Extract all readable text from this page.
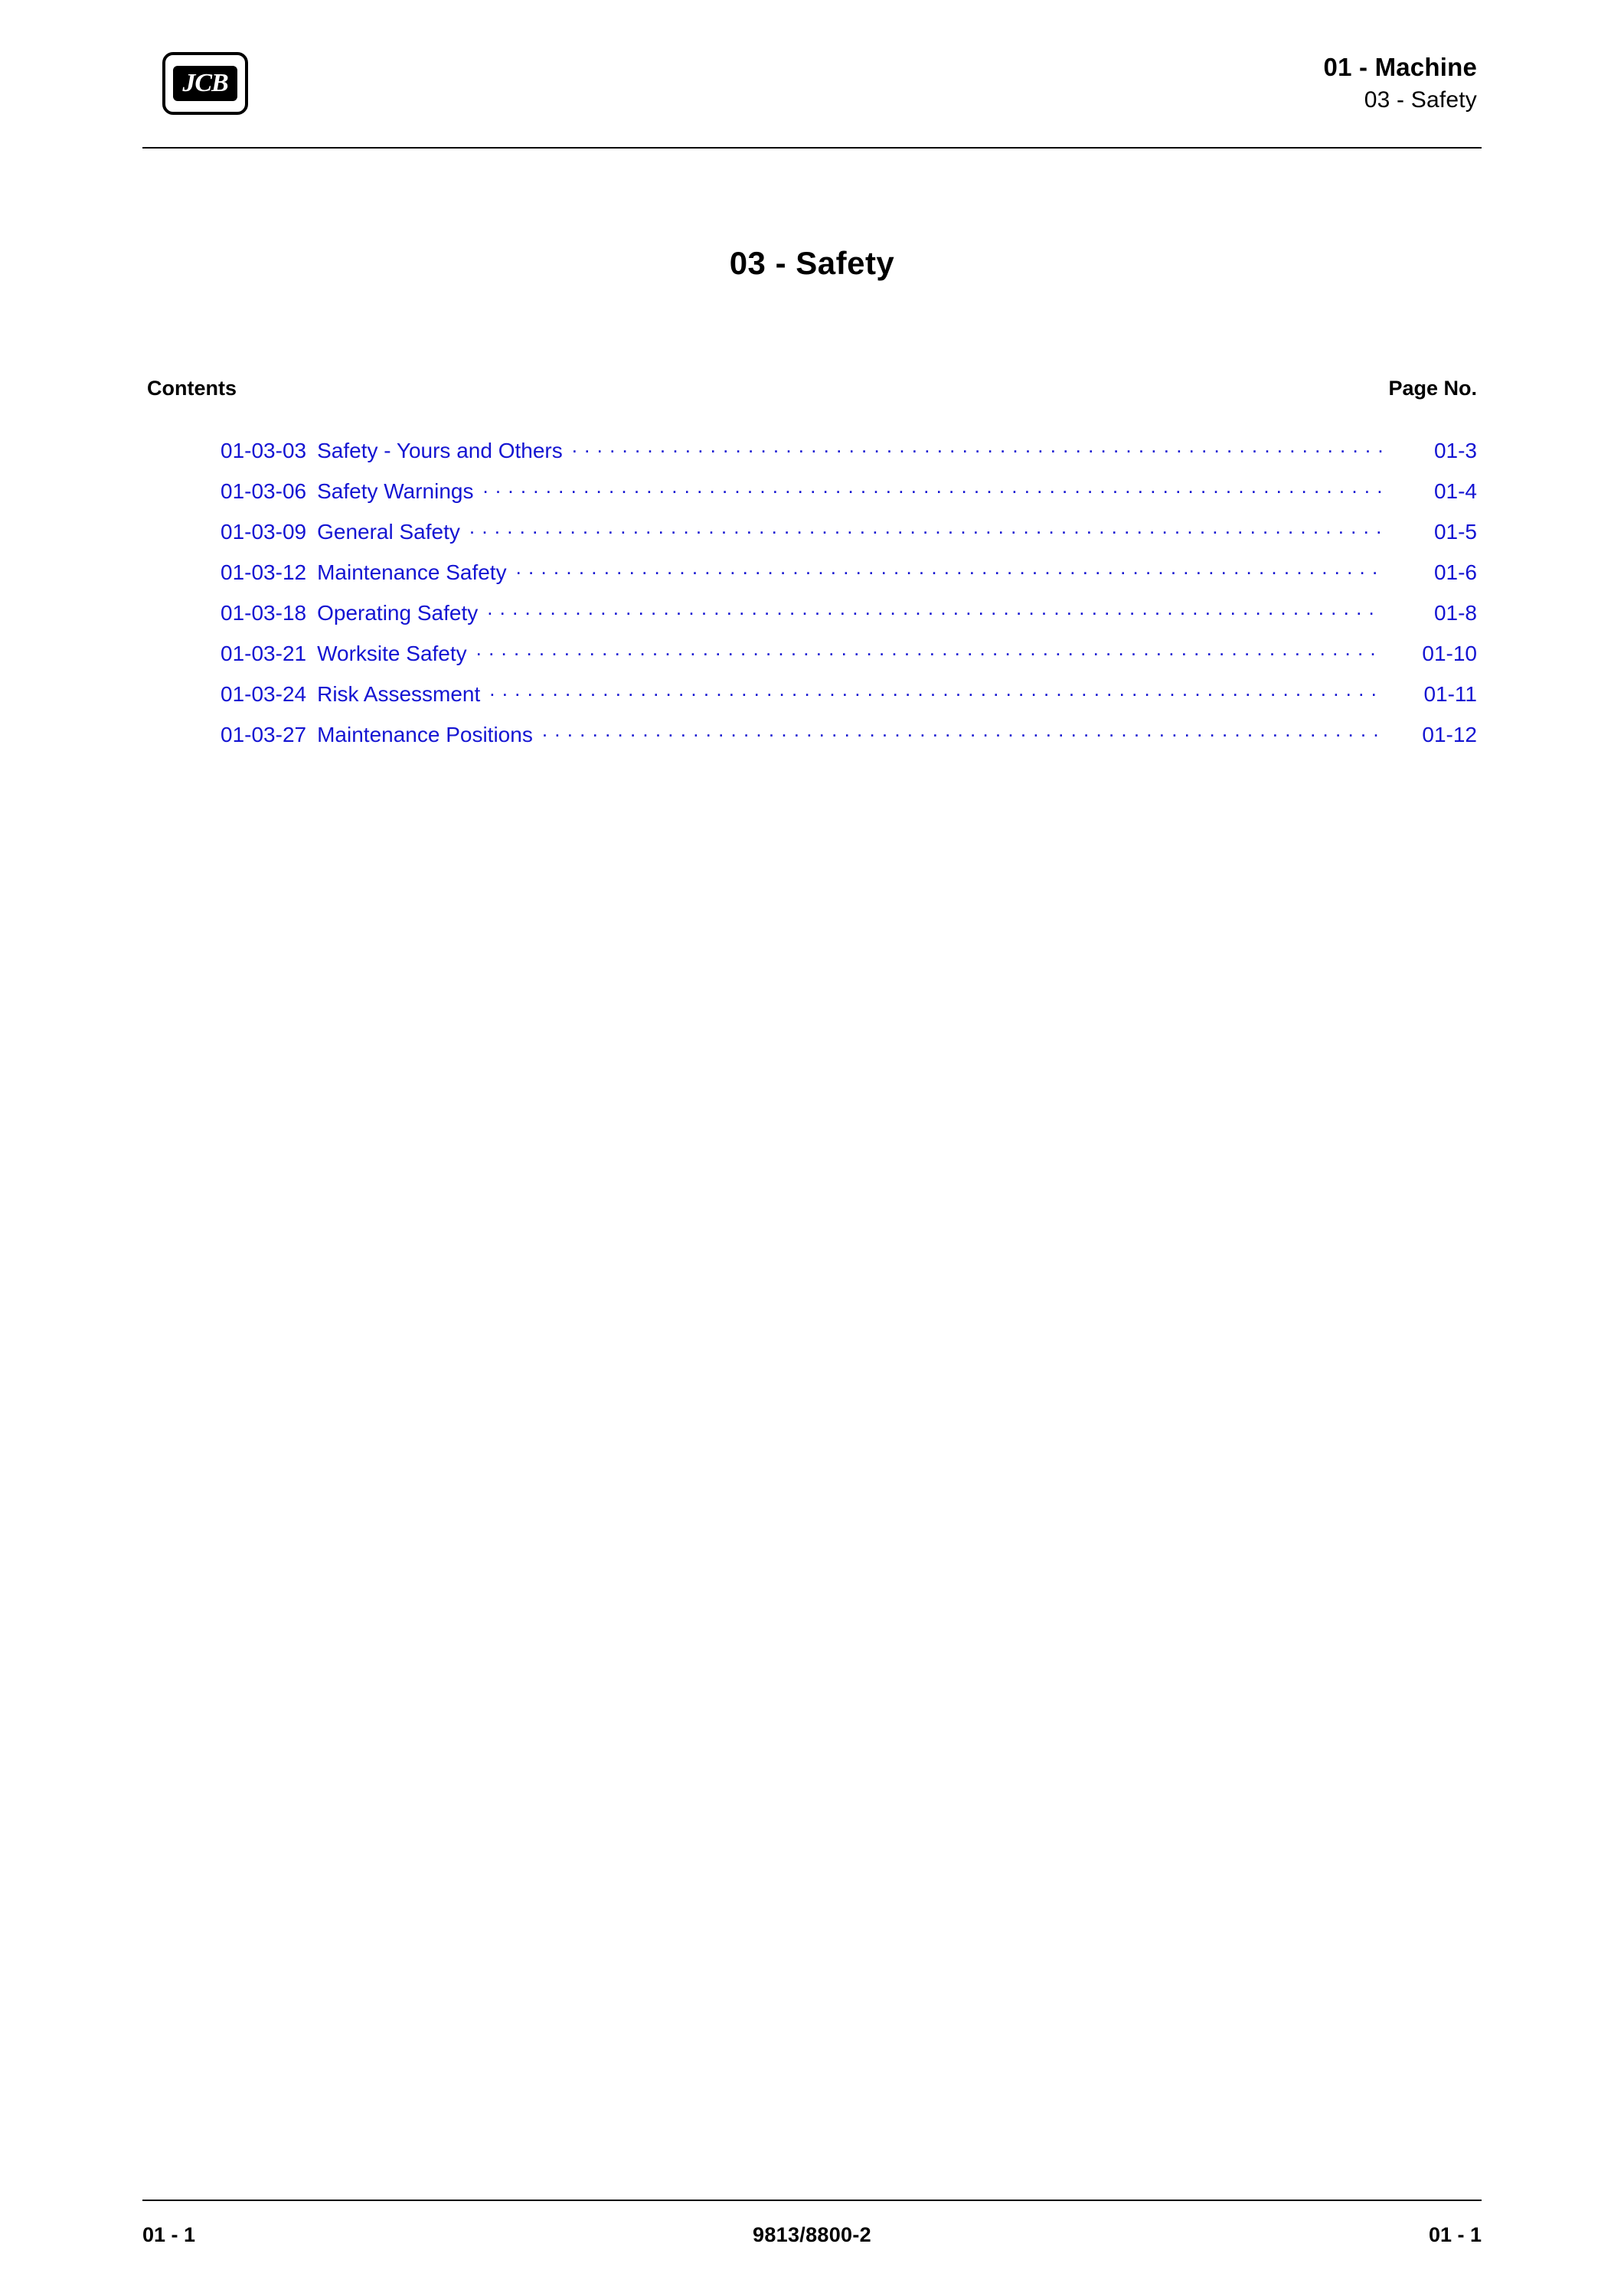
JCB
01 - Machine
03 - Safety
03 - Safety
Contents	Page No.
01-03-03 Safety - Yours and Others . . .	01-3
01-03-06 Safety Warnings . . .	01-4
01-03-09 General Safety . . .	01-5
01-03-12 Maintenance Safety . . .	01-6
01-03-18 Operating Safety . . .	01-8
01-03-21 Worksite Safety . . .	01-10
01-03-24 Risk Assessment . . .	01-11
01-03-27 Maintenance Positions . . .	01-12
01 - 1	9813/8800-2	01 - 1
